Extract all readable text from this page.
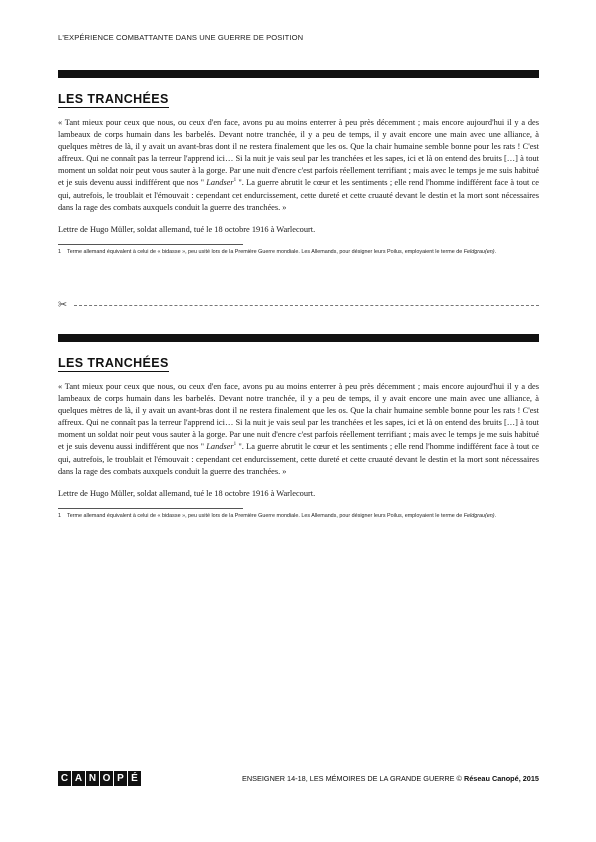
L'EXPÉRIENCE COMBATTANTE DANS UNE GUERRE DE POSITION
LES TRANCHÉES
« Tant mieux pour ceux que nous, ou ceux d'en face, avons pu au moins enterrer à peu près décemment ; mais encore aujourd'hui il y a des lambeaux de corps humain dans les barbelés. Devant notre tranchée, il y a peu de temps, il y avait encore une main avec une alliance, à quelques mètres de là, il y avait un avant-bras dont il ne restera finalement que les os. Que la chair humaine semble bonne pour les rats ! C'est affreux. Qui ne connaît pas la terreur l'apprend ici… Si la nuit je vais seul par les tranchées et les sapes, ici et là on entend des bruits […] à tout moment un soldat noir peut vous sauter à la gorge. Par une nuit d'encre c'est parfois réellement terrifiant ; mais avec le temps je me suis habitué et je suis devenu aussi indifférent que nos " Landser$^1$ ". La guerre abrutit le cœur et les sentiments ; elle rend l'homme indifférent face à tout ce qui, autrefois, le troublait et l'émouvait : cependant cet endurcissement, cette dureté et cette cruauté devant le destin et la mort sont nécessaires dans la rage des combats auxquels conduit la guerre des tranchées. »
Lettre de Hugo Müller, soldat allemand, tué le 18 octobre 1916 à Warlecourt.
1 Terme allemand équivalent à celui de « bidasse », peu usité lors de la Première Guerre mondiale. Les Allemands, pour désigner leurs Poilus, employaient le terme de Feldgrau(en).
✂
LES TRANCHÉES
« Tant mieux pour ceux que nous, ou ceux d'en face, avons pu au moins enterrer à peu près décemment ; mais encore aujourd'hui il y a des lambeaux de corps humain dans les barbelés. Devant notre tranchée, il y a peu de temps, il y avait encore une main avec une alliance, à quelques mètres de là, il y avait un avant-bras dont il ne restera finalement que les os. Que la chair humaine semble bonne pour les rats ! C'est affreux. Qui ne connaît pas la terreur l'apprend ici… Si la nuit je vais seul par les tranchées et les sapes, ici et là on entend des bruits […] à tout moment un soldat noir peut vous sauter à la gorge. Par une nuit d'encre c'est parfois réellement terrifiant ; mais avec le temps je me suis habitué et je suis devenu aussi indifférent que nos " Landser$^1$ ". La guerre abrutit le cœur et les sentiments ; elle rend l'homme indifférent face à tout ce qui, autrefois, le troublait et l'émouvait : cependant cet endurcissement, cette dureté et cette cruauté devant le destin et la mort sont nécessaires dans la rage des combats auxquels conduit la guerre des tranchées. »
Lettre de Hugo Müller, soldat allemand, tué le 18 octobre 1916 à Warlecourt.
1 Terme allemand équivalent à celui de « bidasse », peu usité lors de la Première Guerre mondiale. Les Allemands, pour désigner leurs Poilus, employaient le terme de Feldgrau(en).
C A N O P É	ENSEIGNER 14-18, LES MÉMOIRES DE LA GRANDE GUERRE © Réseau Canopé, 2015
